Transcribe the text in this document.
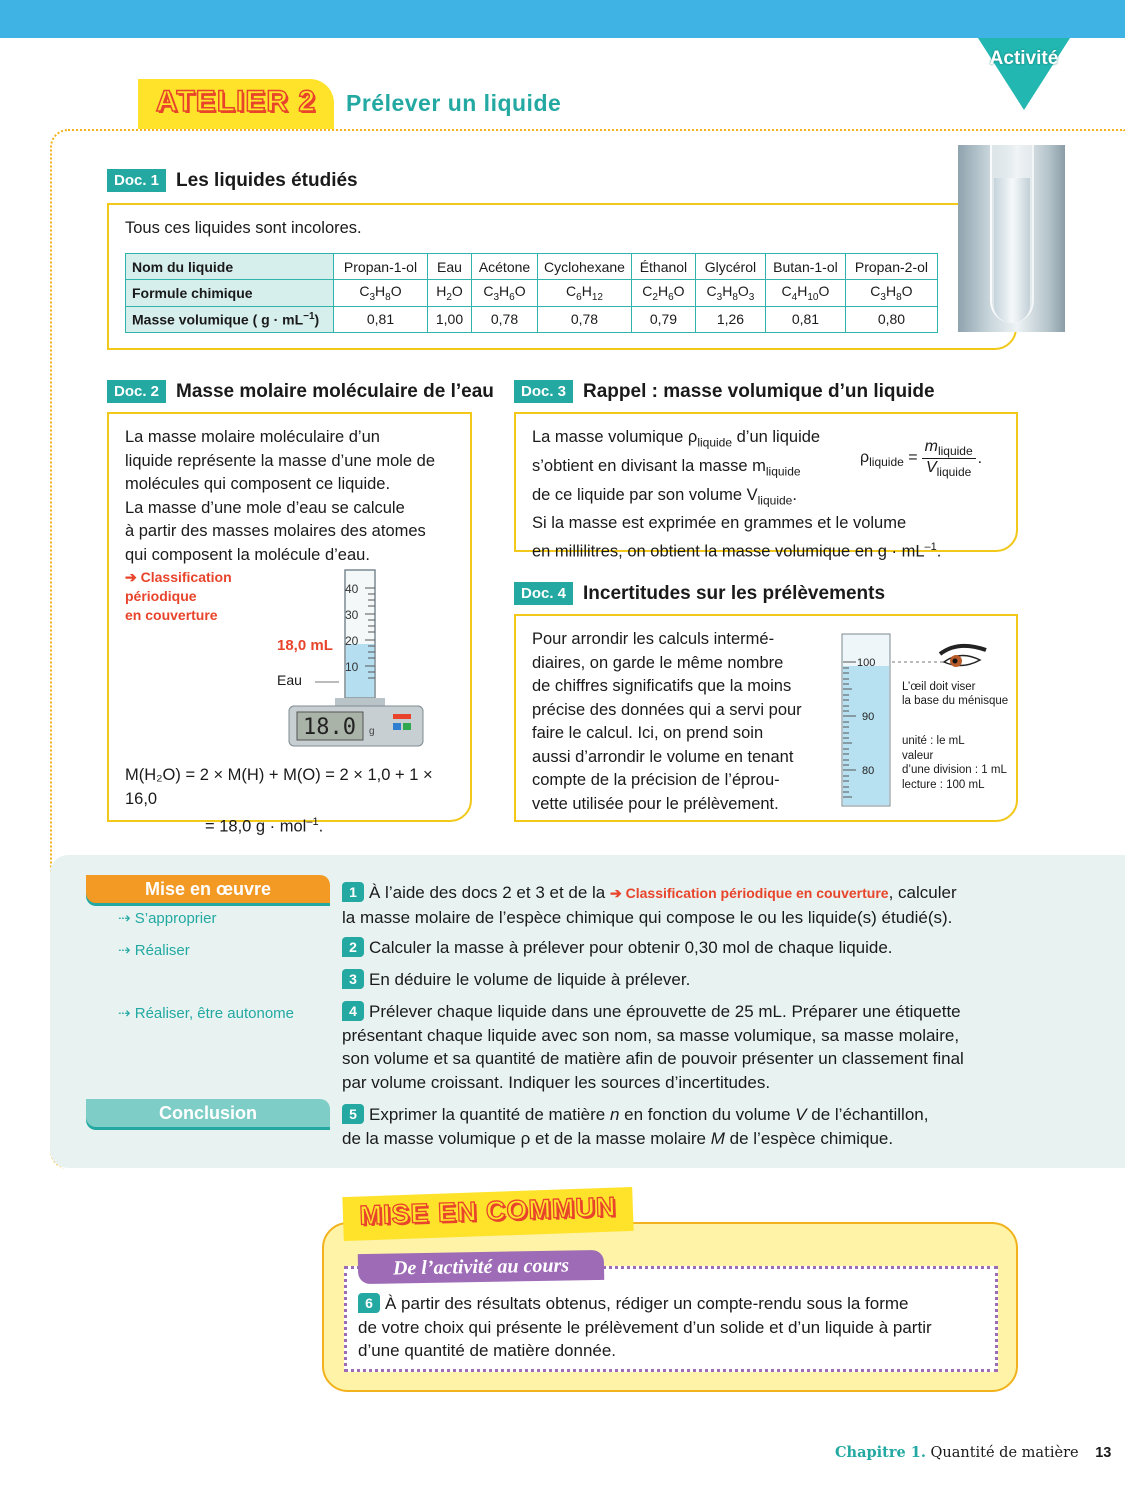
Activité
ATELIER 2	Prélever un liquide
Doc. 1 Les liquides étudiés
Tous ces liquides sont incolores.
Nom du liquide	Propan-1-ol	Eau	Acétone	Cyclohexane	Éthanol	Glycérol	Butan-1-ol	Propan-2-ol
Formule chimique	$C_3H_8O$	$H_2O$	$C_3H_6O$	$C_6H_{12}$	$C_2H_6O$	$C_3H_8O_3$	$C_4H_{10}O$	$C_3H_8O$
Masse volumique ( $g \cdot mL^{-1}$)	0,81	1,00	0,78	0,78	0,79	1,26	0,81	0,80
Doc. 2 Masse molaire moléculaire de l’eau
La masse molaire moléculaire d’un
liquide représente la masse d’une mole de
molécules qui composent ce liquide.
La masse d’une mole d’eau se calcule
à partir des masses molaires des atomes
qui composent la molécule d’eau.
➔ Classification
périodique
en couverture
40
30
20
10
18.0 g
18,0 mL
Eau
M(H₂O) = 2 × M(H) + M(O) = 2 × 1,0 + 1 × 16,0
= 18,0 g · mol$^{-1}$.
Doc. 3 Rappel : masse volumique d’un liquide
La masse volumique $\rho_{liquide}$ d’un liquide
s’obtient en divisant la masse $m_{liquide}$
de ce liquide par son volume $V_{liquide}$.
Si la masse est exprimée en grammes et le volume
en millilitres, on obtient la masse volumique en $g \cdot mL^{-1}$.
$\rho_{liquide}$ =
$m_{liquide}$
$V_{liquide}$
.
Doc. 4 Incertitudes sur les prélèvements
Pour arrondir les calculs intermé-
diaires, on garde le même nombre
de chiffres significatifs que la moins
précise des données qui a servi pour
faire le calcul. Ici, on prend soin
aussi d’arrondir le volume en tenant
compte de la précision de l’éprou-
vette utilisée pour le prélèvement.
100
90
80
L’œil doit viser
la base du ménisque
unité : le mL
valeur
d’une division : 1 mL
lecture : 100 mL
Mise en œuvre
⇢ S’approprier
⇢ Réaliser
⇢ Réaliser, être autonome
Conclusion
1 À l’aide des docs 2 et 3 et de la ➔ Classification périodique en couverture, calculer
la masse molaire de l’espèce chimique qui compose le ou les liquide(s) étudié(s).
2 Calculer la masse à prélever pour obtenir 0,30 mol de chaque liquide.
3 En déduire le volume de liquide à prélever.
4 Prélever chaque liquide dans une éprouvette de 25 mL. Préparer une étiquette
présentant chaque liquide avec son nom, sa masse volumique, sa masse molaire,
son volume et sa quantité de matière afin de pouvoir présenter un classement final
par volume croissant. Indiquer les sources d’incertitudes.
5 Exprimer la quantité de matière n en fonction du volume V de l’échantillon,
de la masse volumique ρ et de la masse molaire M de l’espèce chimique.
MISE EN COMMUN
De l’activité au cours
6 À partir des résultats obtenus, rédiger un compte-rendu sous la forme
de votre choix qui présente le prélèvement d’un solide et d’un liquide à partir
d’une quantité de matière donnée.
Chapitre 1. Quantité de matière 13
